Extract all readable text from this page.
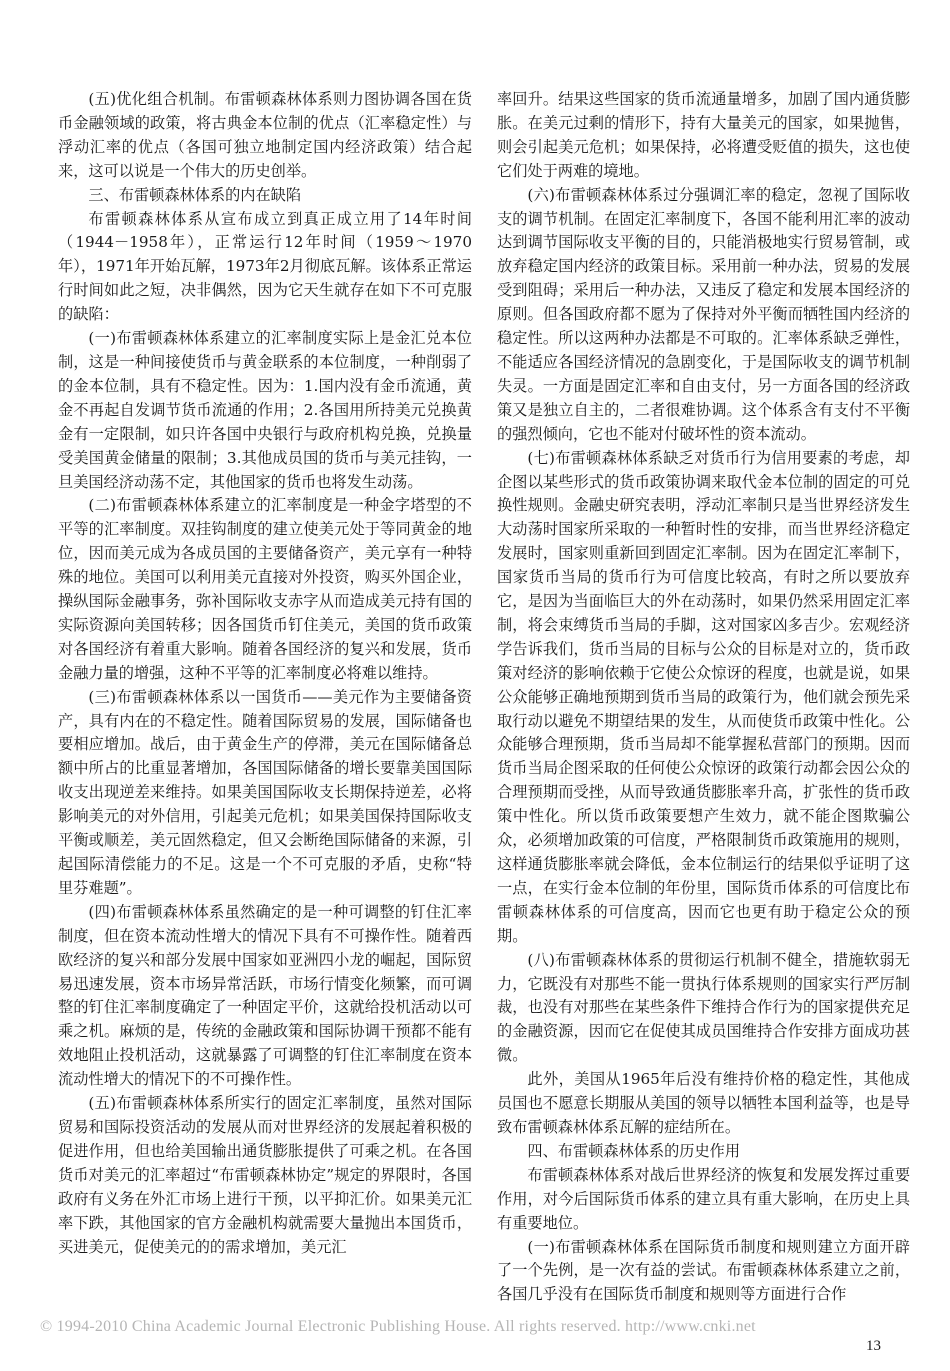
(五)优化组合机制。布雷顿森林体系则力图协调各国在货币金融领域的政策，将古典金本位制的优点（汇率稳定性）与浮动汇率的优点（各国可独立地制定国内经济政策）结合起来，这可以说是一个伟大的历史创举。

三、布雷顿森林体系的内在缺陷

布雷顿森林体系从宣布成立到真正成立用了14年时间（1944－1958年），正常运行12年时间（1959～1970年），1971年开始瓦解，1973年2月彻底瓦解。该体系正常运行时间如此之短，决非偶然，因为它天生就存在如下不可克服的缺陷：

(一)布雷顿森林体系建立的汇率制度实际上是金汇兑本位制，这是一种间接使货币与黄金联系的本位制度，一种削弱了的金本位制，具有不稳定性。因为：1.国内没有金币流通，黄金不再起自发调节货币流通的作用；2.各国用所持美元兑换黄金有一定限制，如只许各国中央银行与政府机构兑换，兑换量受美国黄金储量的限制；3.其他成员国的货币与美元挂钩，一旦美国经济动荡不定，其他国家的货币也将发生动荡。

(二)布雷顿森林体系建立的汇率制度是一种金字塔型的不平等的汇率制度。双挂钩制度的建立使美元处于等同黄金的地位，因而美元成为各成员国的主要储备资产，美元享有一种特殊的地位。美国可以利用美元直接对外投资，购买外国企业，操纵国际金融事务，弥补国际收支赤字从而造成美元持有国的实际资源向美国转移；因各国货币钉住美元，美国的货币政策对各国经济有着重大影响。随着各国经济的复兴和发展，货币金融力量的增强，这种不平等的汇率制度必将难以维持。

(三)布雷顿森林体系以一国货币——美元作为主要储备资产，具有内在的不稳定性。随着国际贸易的发展，国际储备也要相应增加。战后，由于黄金生产的停滞，美元在国际储备总额中所占的比重显著增加，各国国际储备的增长要靠美国国际收支出现逆差来维持。如果美国国际收支长期保持逆差，必将影响美元的对外信用，引起美元危机；如果美国保持国际收支平衡或顺差，美元固然稳定，但又会断绝国际储备的来源，引起国际清偿能力的不足。这是一个不可克服的矛盾，史称“特里芬难题”。

(四)布雷顿森林体系虽然确定的是一种可调整的钉住汇率制度，但在资本流动性增大的情况下具有不可操作性。随着西欧经济的复兴和部分发展中国家如亚洲四小龙的崛起，国际贸易迅速发展，资本市场异常活跃，市场行情变化频繁，而可调整的钉住汇率制度确定了一种固定平价，这就给投机活动以可乘之机。麻烦的是，传统的金融政策和国际协调干预都不能有效地阻止投机活动，这就暴露了可调整的钉住汇率制度在资本流动性增大的情况下的不可操作性。

(五)布雷顿森林体系所实行的固定汇率制度，虽然对国际贸易和国际投资活动的发展从而对世界经济的发展起着积极的促进作用，但也给美国输出通货膨胀提供了可乘之机。在各国货币对美元的汇率超过“布雷顿森林协定”规定的界限时，各国政府有义务在外汇市场上进行干预，以平抑汇价。如果美元汇率下跌，其他国家的官方金融机构就需要大量抛出本国货币，买进美元，促使美元的的需求增加，美元汇

率回升。结果这些国家的货币流通量增多，加剧了国内通货膨胀。在美元过剩的情形下，持有大量美元的国家，如果抛售，则会引起美元危机；如果保持，必将遭受贬值的损失，这也使它们处于两难的境地。

(六)布雷顿森林体系过分强调汇率的稳定，忽视了国际收支的调节机制。在固定汇率制度下，各国不能利用汇率的波动达到调节国际收支平衡的目的，只能消极地实行贸易管制，或放弃稳定国内经济的政策目标。采用前一种办法，贸易的发展受到阻碍；采用后一种办法，又违反了稳定和发展本国经济的原则。但各国政府都不愿为了保持对外平衡而牺牲国内经济的稳定性。所以这两种办法都是不可取的。汇率体系缺乏弹性，不能适应各国经济情况的急剧变化，于是国际收支的调节机制失灵。一方面是固定汇率和自由支付，另一方面各国的经济政策又是独立自主的，二者很难协调。这个体系含有支付不平衡的强烈倾向，它也不能对付破坏性的资本流动。

(七)布雷顿森林体系缺乏对货币行为信用要素的考虑，却企图以某些形式的货币政策协调来取代金本位制的固定的可兑换性规则。金融史研究表明，浮动汇率制只是当世界经济发生大动荡时国家所采取的一种暂时性的安排，而当世界经济稳定发展时，国家则重新回到固定汇率制。因为在固定汇率制下，国家货币当局的货币行为可信度比较高，有时之所以要放弃它，是因为当面临巨大的外在动荡时，如果仍然采用固定汇率制，将会束缚货币当局的手脚，这对国家凶多吉少。宏观经济学告诉我们，货币当局的目标与公众的目标是对立的，货币政策对经济的影响依赖于它使公众惊讶的程度，也就是说，如果公众能够正确地预期到货币当局的政策行为，他们就会预先采取行动以避免不期望结果的发生，从而使货币政策中性化。公众能够合理预期，货币当局却不能掌握私营部门的预期。因而货币当局企图采取的任何使公众惊讶的政策行动都会因公众的合理预期而受挫，从而导致通货膨胀率升高，扩张性的货币政策中性化。所以货币政策要想产生效力，就不能企图欺骗公众，必须增加政策的可信度，严格限制货币政策施用的规则，这样通货膨胀率就会降低，金本位制运行的结果似乎证明了这一点，在实行金本位制的年份里，国际货币体系的可信度比布雷顿森林体系的可信度高，因而它也更有助于稳定公众的预期。

(八)布雷顿森林体系的贯彻运行机制不健全，措施软弱无力，它既没有对那些不能一贯执行体系规则的国家实行严厉制裁，也没有对那些在某些条件下维持合作行为的国家提供充足的金融资源，因而它在促使其成员国维持合作安排方面成功甚微。

此外，美国从1965年后没有维持价格的稳定性，其他成员国也不愿意长期服从美国的领导以牺牲本国利益等，也是导致布雷顿森林体系瓦解的症结所在。

四、布雷顿森林体系的历史作用

布雷顿森林体系对战后世界经济的恢复和发展发挥过重要作用，对今后国际货币体系的建立具有重大影响，在历史上具有重要地位。

(一)布雷顿森林体系在国际货币制度和规则建立方面开辟了一个先例，是一次有益的尝试。布雷顿森林体系建立之前，各国几乎没有在国际货币制度和规则等方面进行合作

© 1994-2010 China Academic Journal Electronic Publishing House. All rights reserved. http://www.cnki.net
13
